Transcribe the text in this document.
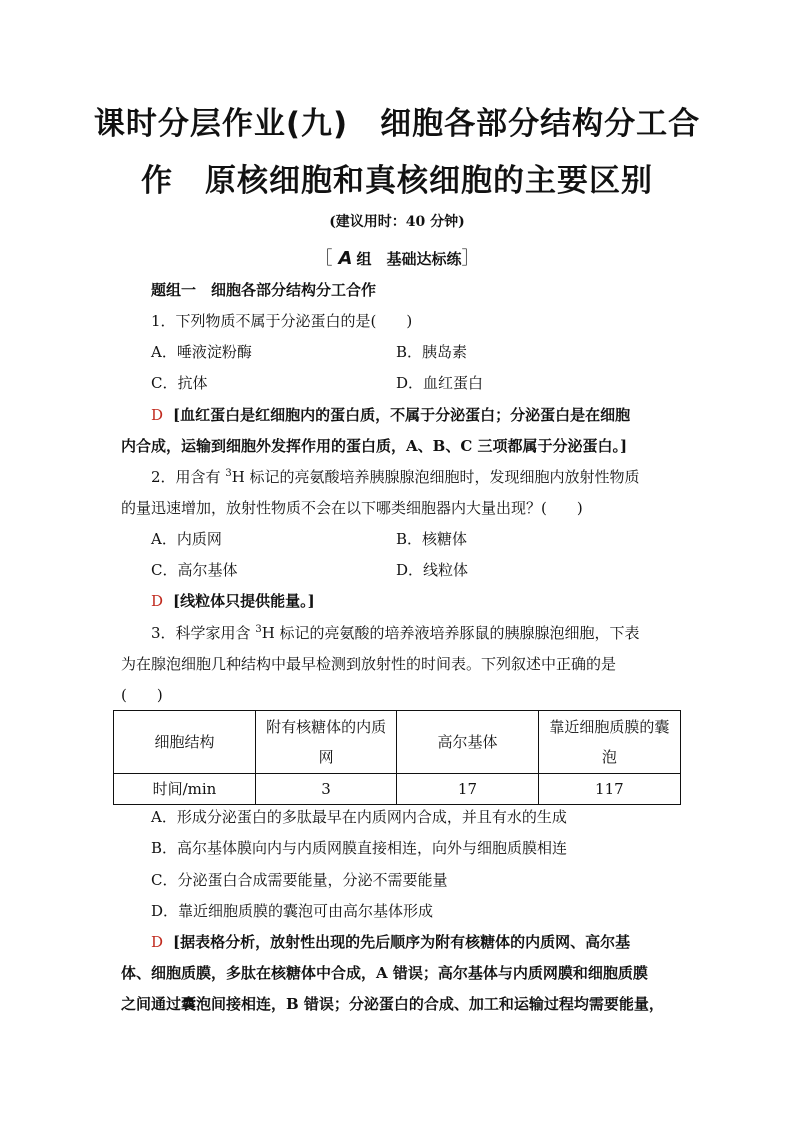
课时分层作业(九)　细胞各部分结构分工合
作　原核细胞和真核细胞的主要区别
(建议用时：40 分钟)
［ A 组　基础达标练］
题组一　细胞各部分结构分工合作
1．下列物质不属于分泌蛋白的是(　　)
A．唾液淀粉酶	B．胰岛素
C．抗体	D．血红蛋白
D [血红蛋白是红细胞内的蛋白质，不属于分泌蛋白；分泌蛋白是在细胞
内合成，运输到细胞外发挥作用的蛋白质，A、B、C 三项都属于分泌蛋白。]
2．用含有 $^3$H 标记的亮氨酸培养胰腺腺泡细胞时，发现细胞内放射性物质
的量迅速增加，放射性物质不会在以下哪类细胞器内大量出现？(　　)
A．内质网	B．核糖体
C．高尔基体	D．线粒体
D [线粒体只提供能量。]
3．科学家用含 $^3$H 标记的亮氨酸的培养液培养豚鼠的胰腺腺泡细胞，下表
为在腺泡细胞几种结构中最早检测到放射性的时间表。下列叙述中正确的是
(　　)
细胞结构	附有核糖体的内质网	高尔基体	靠近细胞质膜的囊泡
时间/min	3	17	117
A．形成分泌蛋白的多肽最早在内质网内合成，并且有水的生成
B．高尔基体膜向内与内质网膜直接相连，向外与细胞质膜相连
C．分泌蛋白合成需要能量，分泌不需要能量
D．靠近细胞质膜的囊泡可由高尔基体形成
D [据表格分析，放射性出现的先后顺序为附有核糖体的内质网、高尔基
体、细胞质膜，多肽在核糖体中合成，A 错误；高尔基体与内质网膜和细胞质膜
之间通过囊泡间接相连，B 错误；分泌蛋白的合成、加工和运输过程均需要能量，
